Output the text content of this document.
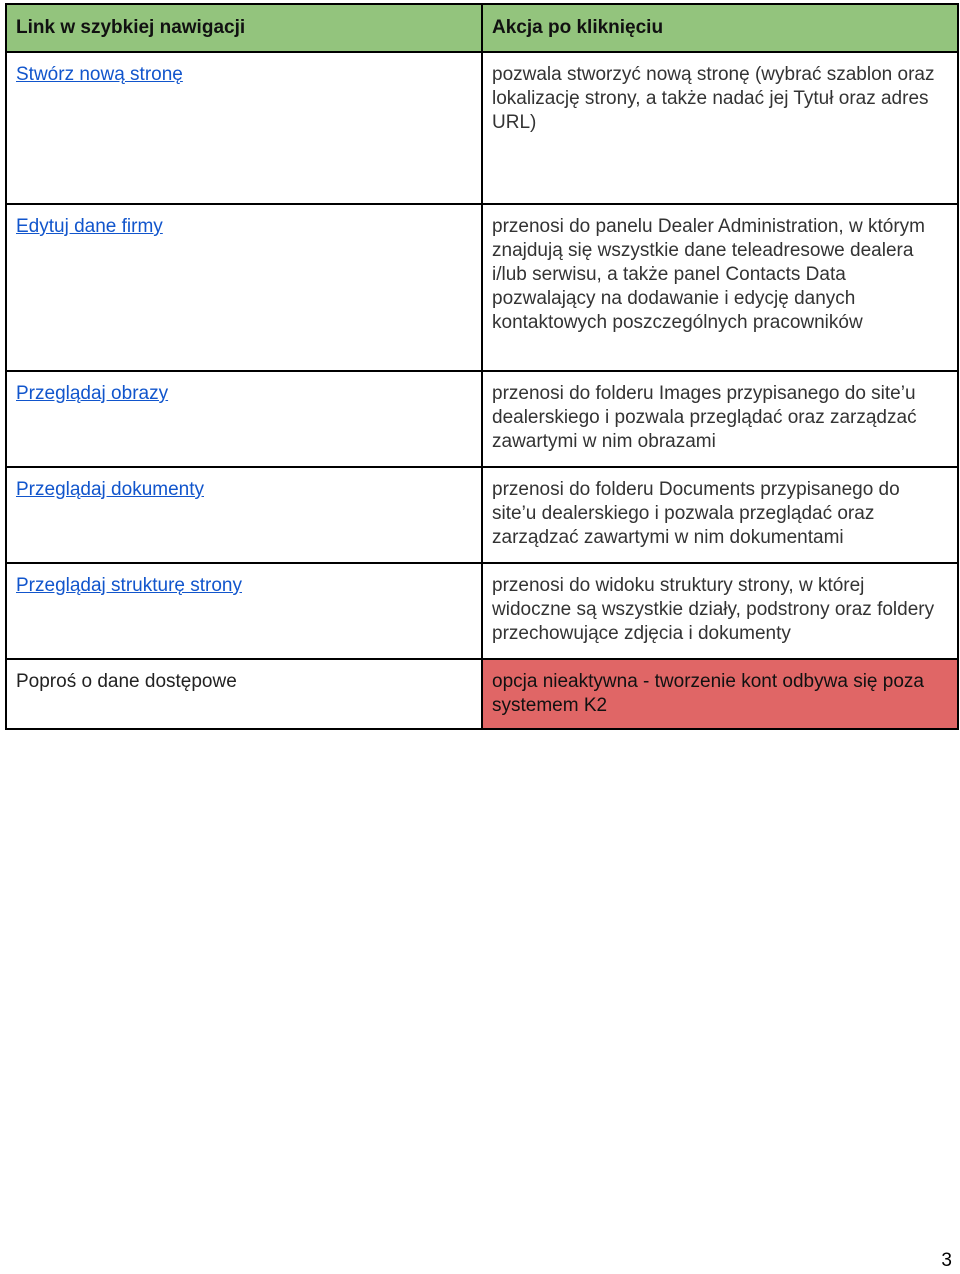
Link w szybkiej nawigacji	Akcja po kliknięciu
Stwórz nową stronę	pozwala stworzyć nową stronę (wybrać szablon oraz lokalizację strony, a także nadać jej Tytuł oraz adres URL)
Edytuj dane firmy	przenosi do panelu Dealer Administration, w którym znajdują się wszystkie dane teleadresowe dealera i/lub serwisu, a także panel Contacts Data pozwalający na dodawanie i edycję danych kontaktowych poszczególnych pracowników
Przeglądaj obrazy	przenosi do folderu Images przypisanego do site’u dealerskiego i pozwala przeglądać oraz zarządzać zawartymi w nim obrazami
Przeglądaj dokumenty	przenosi do folderu Documents przypisanego do site’u dealerskiego i pozwala przeglądać oraz zarządzać zawartymi w nim dokumentami
Przeglądaj strukturę strony	przenosi do widoku struktury strony, w której widoczne są wszystkie działy, podstrony oraz foldery przechowujące zdjęcia i dokumenty
Poproś o dane dostępowe	opcja nieaktywna - tworzenie kont odbywa się poza systemem K2
3
